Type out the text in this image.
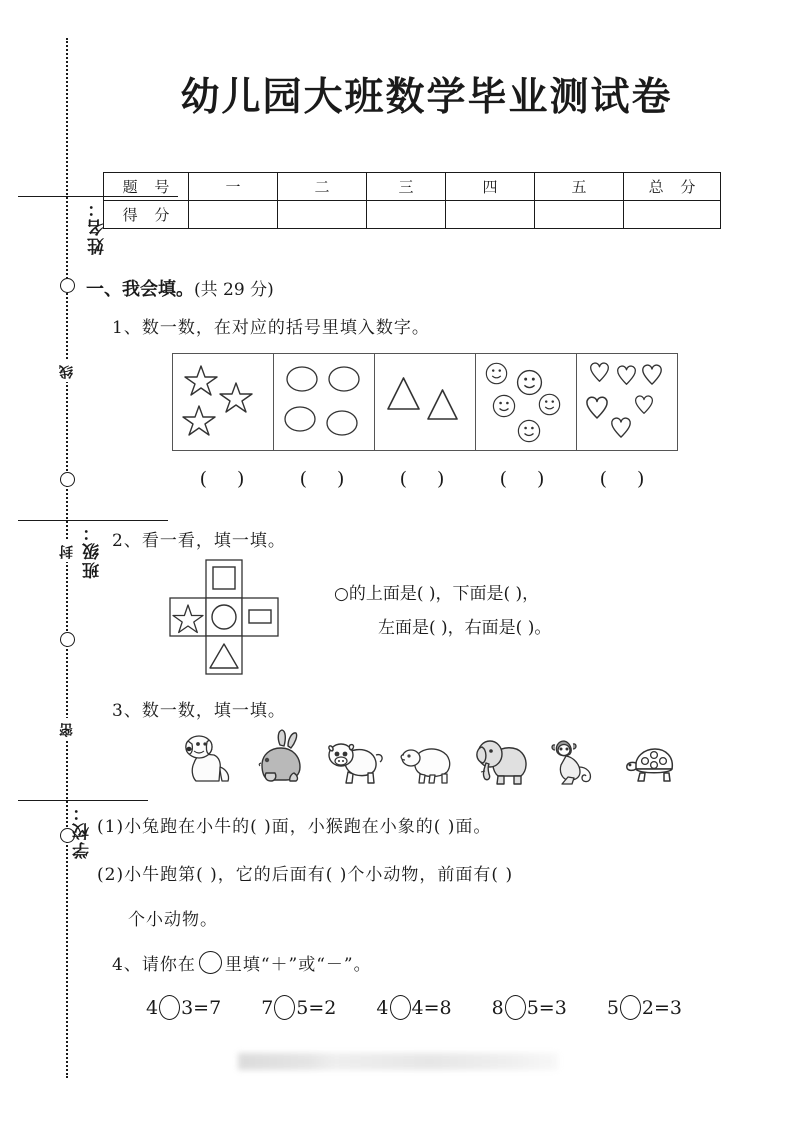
线
封
密
姓名：
班级：
学校：
幼儿园大班数学毕业测试卷
题 号	一	二	三	四	五	总 分
得 分						
一、我会填。(共 29 分)
1、数一数，在对应的括号里填入数字。
( )	( )	( )	( )	( )
2、看一看，填一填。
○的上面是( )，下面是( )，
左面是( )，右面是( )。
3、数一数，填一填。
(1)小兔跑在小牛的( )面，小猴跑在小象的( )面。
(2)小牛跑第( )，它的后面有( )个小动物，前面有( )
个小动物。
4、请你在 里填“＋”或“－”。
4 3=7 7 5=2 4 4=8 8 5=3 5 2=3
